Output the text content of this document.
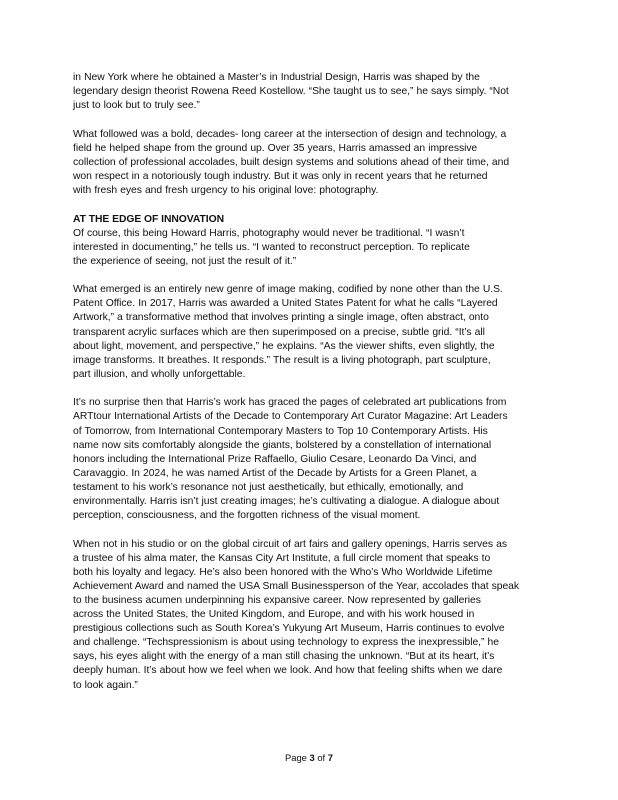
in New York where he obtained a Master’s in Industrial Design, Harris was shaped by the
legendary design theorist Rowena Reed Kostellow. “She taught us to see,” he says simply. “Not
just to look but to truly see.”
What followed was a bold, decades- long career at the intersection of design and technology, a
field he helped shape from the ground up. Over 35 years, Harris amassed an impressive
collection of professional accolades, built design systems and solutions ahead of their time, and
won respect in a notoriously tough industry. But it was only in recent years that he returned
with fresh eyes and fresh urgency to his original love: photography.
AT THE EDGE OF INNOVATION
Of course, this being Howard Harris, photography would never be traditional. “I wasn’t
interested in documenting,” he tells us. “I wanted to reconstruct perception. To replicate
the experience of seeing, not just the result of it.”
What emerged is an entirely new genre of image making, codified by none other than the U.S.
Patent Office. In 2017, Harris was awarded a United States Patent for what he calls “Layered
Artwork,” a transformative method that involves printing a single image, often abstract, onto
transparent acrylic surfaces which are then superimposed on a precise, subtle grid. “It’s all
about light, movement, and perspective,” he explains. “As the viewer shifts, even slightly, the
image transforms. It breathes. It responds.” The result is a living photograph, part sculpture,
part illusion, and wholly unforgettable.
It’s no surprise then that Harris’s work has graced the pages of celebrated art publications from
ARTtour International Artists of the Decade to Contemporary Art Curator Magazine: Art Leaders
of Tomorrow, from International Contemporary Masters to Top 10 Contemporary Artists. His
name now sits comfortably alongside the giants, bolstered by a constellation of international
honors including the International Prize Raffaello, Giulio Cesare, Leonardo Da Vinci, and
Caravaggio. In 2024, he was named Artist of the Decade by Artists for a Green Planet, a
testament to his work’s resonance not just aesthetically, but ethically, emotionally, and
environmentally. Harris isn’t just creating images; he’s cultivating a dialogue. A dialogue about
perception, consciousness, and the forgotten richness of the visual moment.
When not in his studio or on the global circuit of art fairs and gallery openings, Harris serves as
a trustee of his alma mater, the Kansas City Art Institute, a full circle moment that speaks to
both his loyalty and legacy. He’s also been honored with the Who’s Who Worldwide Lifetime
Achievement Award and named the USA Small Businessperson of the Year, accolades that speak
to the business acumen underpinning his expansive career. Now represented by galleries
across the United States, the United Kingdom, and Europe, and with his work housed in
prestigious collections such as South Korea’s Yukyung Art Museum, Harris continues to evolve
and challenge. “Techspressionism is about using technology to express the inexpressible,” he
says, his eyes alight with the energy of a man still chasing the unknown. “But at its heart, it’s
deeply human. It’s about how we feel when we look. And how that feeling shifts when we dare
to look again.”
Page 3 of 7
